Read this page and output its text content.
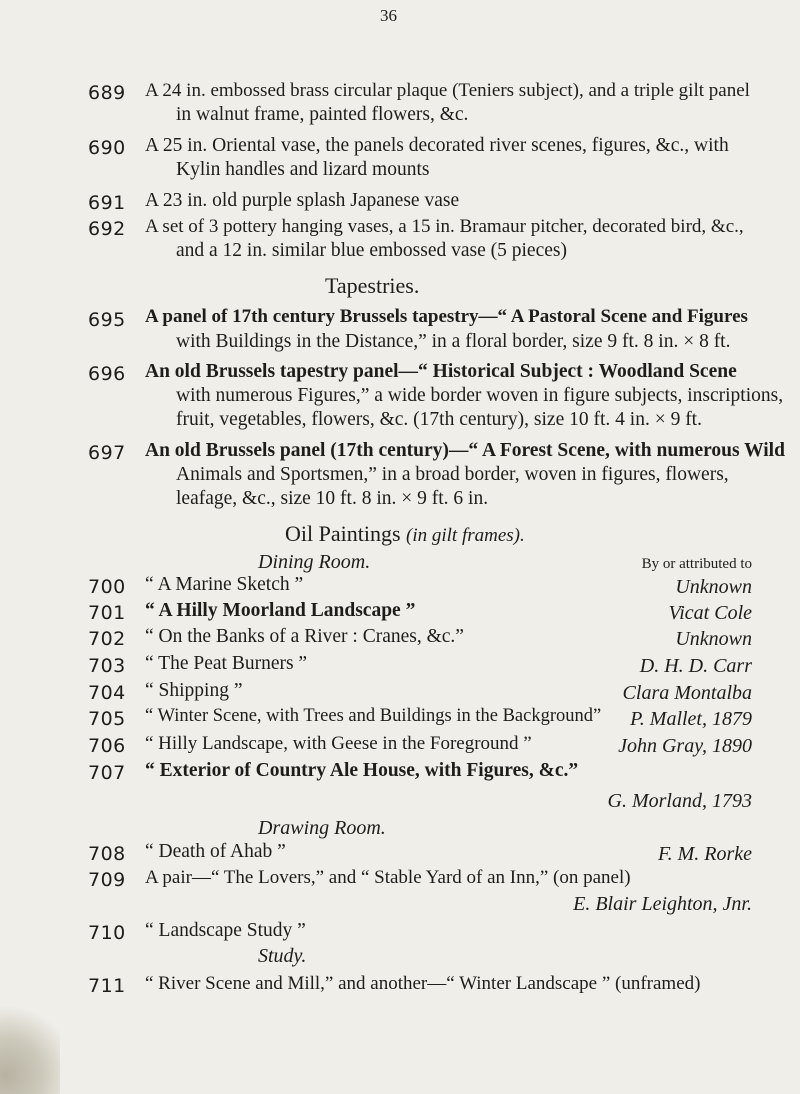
36
689	A 24 in. embossed brass circular plaque (Teniers subject), and a triple gilt panel
in walnut frame, painted flowers, &c.
690 A 25 in. Oriental vase, the panels decorated river scenes, figures, &c., with
Kylin handles and lizard mounts
691 A 23 in. old purple splash Japanese vase
692	A set of 3 pottery hanging vases, a 15 in. Bramaur pitcher, decorated bird, &c.,
and a 12 in. similar blue embossed vase (5 pieces)
Tapestries.
695	A panel of 17th century Brussels tapestry—“ A Pastoral Scene and Figures
with Buildings in the Distance,” in a floral border, size 9 ft. 8 in. × 8 ft.
696 An old Brussels tapestry panel—“ Historical Subject : Woodland Scene
with numerous Figures,” a wide border woven in figure subjects, inscriptions,
fruit, vegetables, flowers, &c. (17th century), size 10 ft. 4 in. × 9 ft.
697 An old Brussels panel (17th century)—“ A Forest Scene, with numerous Wild
Animals and Sportsmen,” in a broad border, woven in figures, flowers,
leafage, &c., size 10 ft. 8 in. × 9 ft. 6 in.
Oil Paintings (in gilt frames).
Dining Room.	By or attributed to
700 “ A Marine Sketch ”	Unknown
701 “ A Hilly Moorland Landscape ”	Vicat Cole
702 “ On the Banks of a River : Cranes, &c.”	Unknown
703 “ The Peat Burners ”	D. H. D. Carr
704 “ Shipping ”	Clara Montalba
705	“ Winter Scene, with Trees and Buildings in the Background” P. Mallet, 1879
706	“ Hilly Landscape, with Geese in the Foreground ”	John Gray, 1890
707 “ Exterior of Country Ale House, with Figures, &c.”
G. Morland, 1793
Drawing Room.
708 “ Death of Ahab ”	F. M. Rorke
709	A pair—“ The Lovers,” and “ Stable Yard of an Inn,” (on panel)
E. Blair Leighton, Jnr.
710 “ Landscape Study ”
Study.
711	“ River Scene and Mill,” and another—“ Winter Landscape ” (unframed)
